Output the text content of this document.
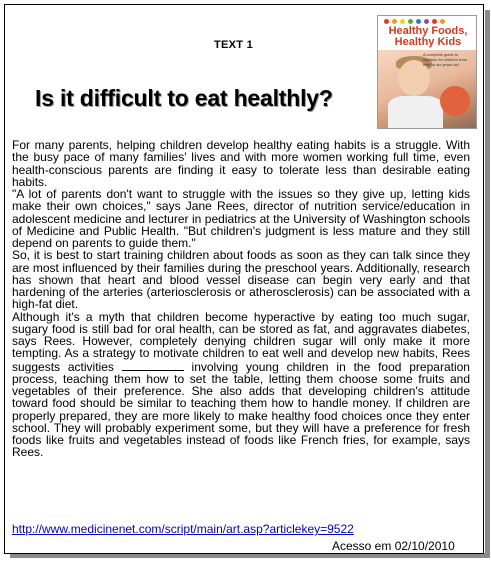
TEXT 1
Is it difficult to eat healthly?
Healthy Foods,
Healthy Kids
A complete guide to nutrition for children from birth to six years old

For many parents, helping children develop healthy eating habits is a struggle. With the busy pace of many families' lives and with more women working full time, even health-conscious parents are finding it easy to tolerate less than desirable eating habits.

"A lot of parents don't want to struggle with the issues so they give up, letting kids make their own choices," says Jane Rees, director of nutrition service/education in adolescent medicine and lecturer in pediatrics at the University of Washington schools of Medicine and Public Health. "But children's judgment is less mature and they still depend on parents to guide them."

So, it is best to start training children about foods as soon as they can talk since they are most influenced by their families during the preschool years. Additionally, research has shown that heart and blood vessel disease can begin very early and that hardening of the arteries (arteriosclerosis or atherosclerosis) can be associated with a high-fat diet.

Although it's a myth that children become hyperactive by eating too much sugar, sugary food is still bad for oral health, can be stored as fat, and aggravates diabetes, says Rees. However, completely denying children sugar will only make it more tempting. As a strategy to motivate children to eat well and develop new habits, Rees suggests activities	involving young children in the food preparation process, teaching them how to set the table, letting them choose some fruits and vegetables of their preference. She also adds that developing children's attitude toward food should be similar to teaching them how to handle money. If children are properly prepared, they are more likely to make healthy food choices once they enter school. They will probably experiment some, but they will have a preference for fresh foods like fruits and vegetables instead of foods like French fries, for example, says Rees.

http://www.medicinenet.com/script/main/art.asp?articlekey=9522
Acesso em 02/10/2010
